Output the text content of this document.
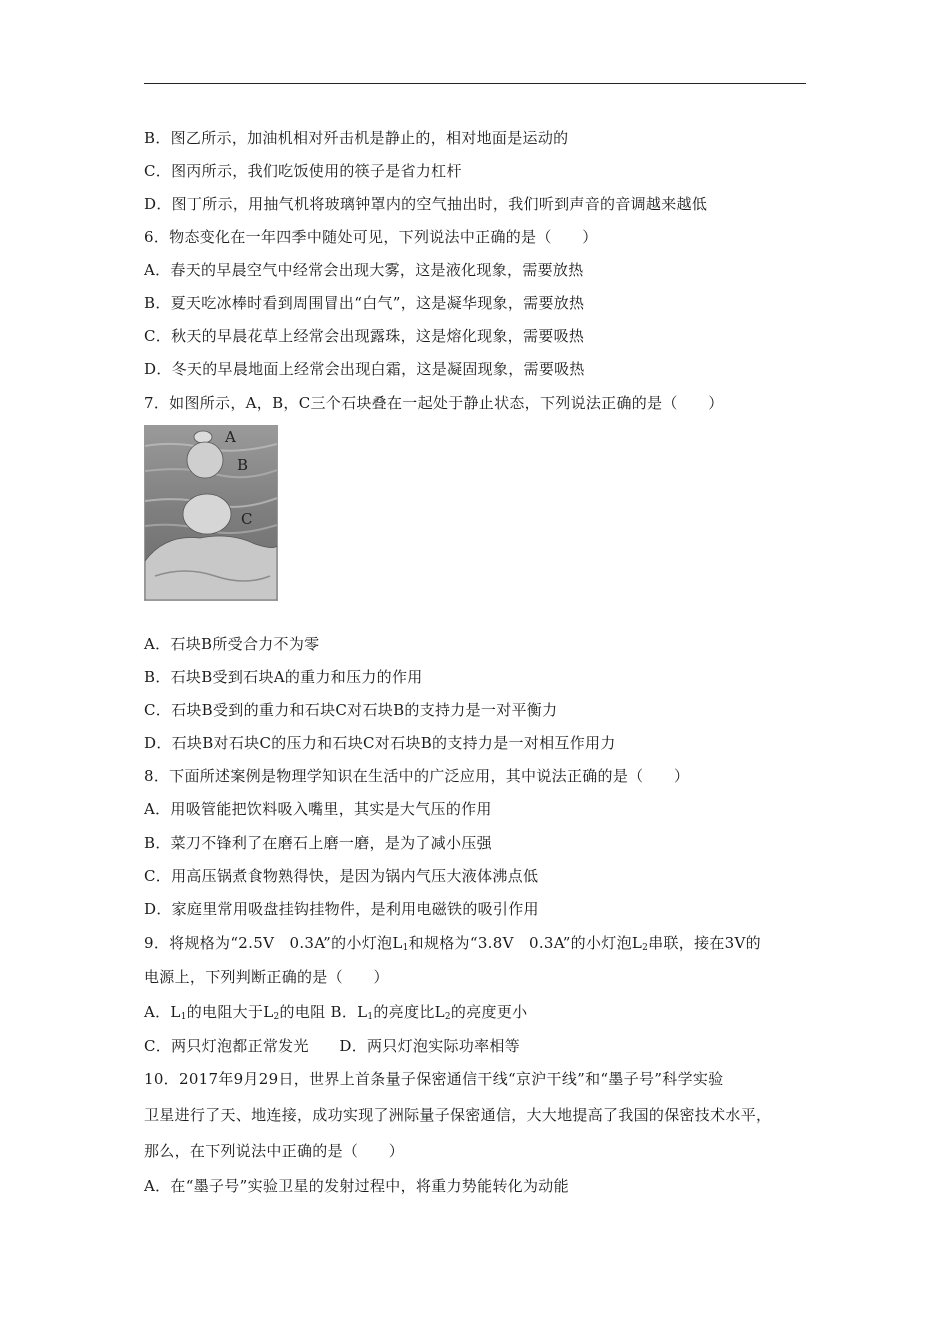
B．图乙所示，加油机相对歼击机是静止的，相对地面是运动的
C．图丙所示，我们吃饭使用的筷子是省力杠杆
D．图丁所示，用抽气机将玻璃钟罩内的空气抽出时，我们听到声音的音调越来越低
6．物态变化在一年四季中随处可见，下列说法中正确的是（　　）
A．春天的早晨空气中经常会出现大雾，这是液化现象，需要放热
B．夏天吃冰棒时看到周围冒出“白气”，这是凝华现象，需要放热
C．秋天的早晨花草上经常会出现露珠，这是熔化现象，需要吸热
D．冬天的早晨地面上经常会出现白霜，这是凝固现象，需要吸热
7．如图所示，A，B，C三个石块叠在一起处于静止状态，下列说法正确的是（　　）
A
B
C
A．石块B所受合力不为零
B．石块B受到石块A的重力和压力的作用
C．石块B受到的重力和石块C对石块B的支持力是一对平衡力
D．石块B对石块C的压力和石块C对石块B的支持力是一对相互作用力
8．下面所述案例是物理学知识在生活中的广泛应用，其中说法正确的是（　　）
A．用吸管能把饮料吸入嘴里，其实是大气压的作用
B．菜刀不锋利了在磨石上磨一磨，是为了减小压强
C．用高压锅煮食物熟得快，是因为锅内气压大液体沸点低
D．家庭里常用吸盘挂钩挂物件，是利用电磁铁的吸引作用
9．将规格为“2.5V　0.3A”的小灯泡$L_1$和规格为“3.8V　0.3A”的小灯泡$L_2$串联，接在3V的
电源上，下列判断正确的是（　　）
A．$L_1$的电阻大于$L_2$的电阻 B．$L_1$的亮度比$L_2$的亮度更小
C．两只灯泡都正常发光　　D．两只灯泡实际功率相等
10．2017年9月29日，世界上首条量子保密通信干线“京沪干线”和“墨子号”科学实验
卫星进行了天、地连接，成功实现了洲际量子保密通信，大大地提高了我国的保密技术水平，
那么，在下列说法中正确的是（　　）
A．在“墨子号”实验卫星的发射过程中，将重力势能转化为动能
